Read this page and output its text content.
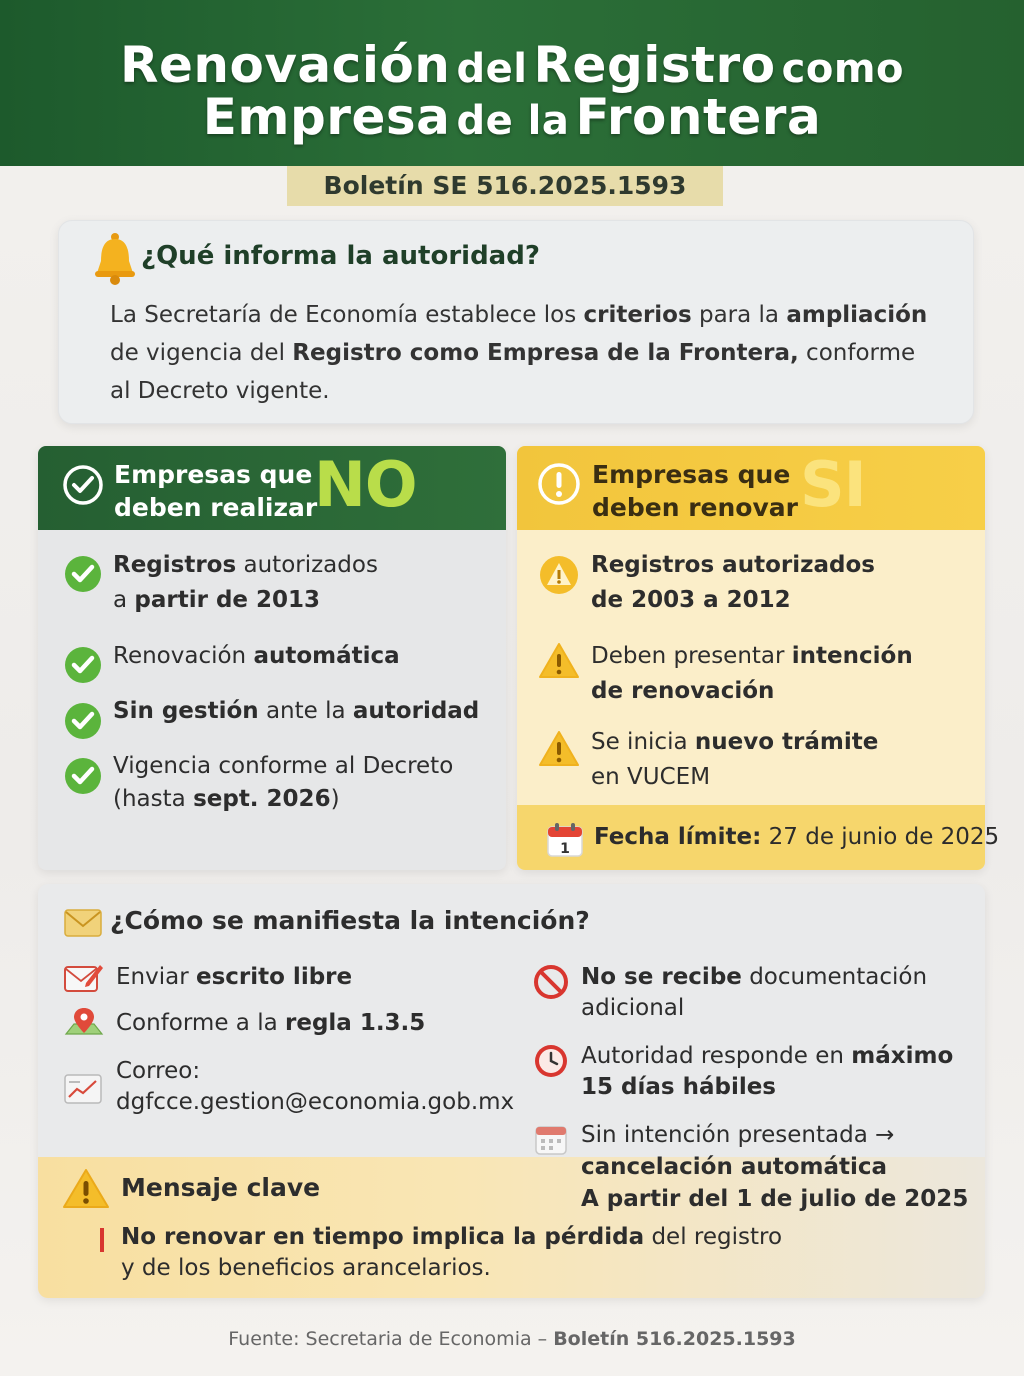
Renovación del Registro como
Empresa de la Frontera
Boletín SE 516.2025.1593
¿Qué informa la autoridad?
La Secretaría de Economía establece los criterios para la ampliación de vigencia del Registro como Empresa de la Frontera, conforme al Decreto vigente.
Empresas que
deben realizar
NO
Registros autorizados
a partir de 2013
Renovación automática
Sin gestión ante la autoridad
Vigencia conforme al Decreto
(hasta sept. 2026)
Empresas que
deben renovar SI
Registros autorizados
de 2003 a 2012
Deben presentar intención
de renovación
Se inicia nuevo trámite
en VUCEM
1 Fecha límite: 27 de junio de 2025
¿Cómo se manifiesta la intención?
Enviar escrito libre
Conforme a la regla 1.3.5
Correo:
dgfcce.gestion@economia.gob.mx
No se recibe documentación
adicional
Autoridad responde en máximo
15 días hábiles
Sin intención presentada →
cancelación automática
A partir del 1 de julio de 2025
Mensaje clave
No renovar en tiempo implica la pérdida del registro
y de los beneficios arancelarios.
Fuente: Secretaria de Economia – Boletín 516.2025.1593
